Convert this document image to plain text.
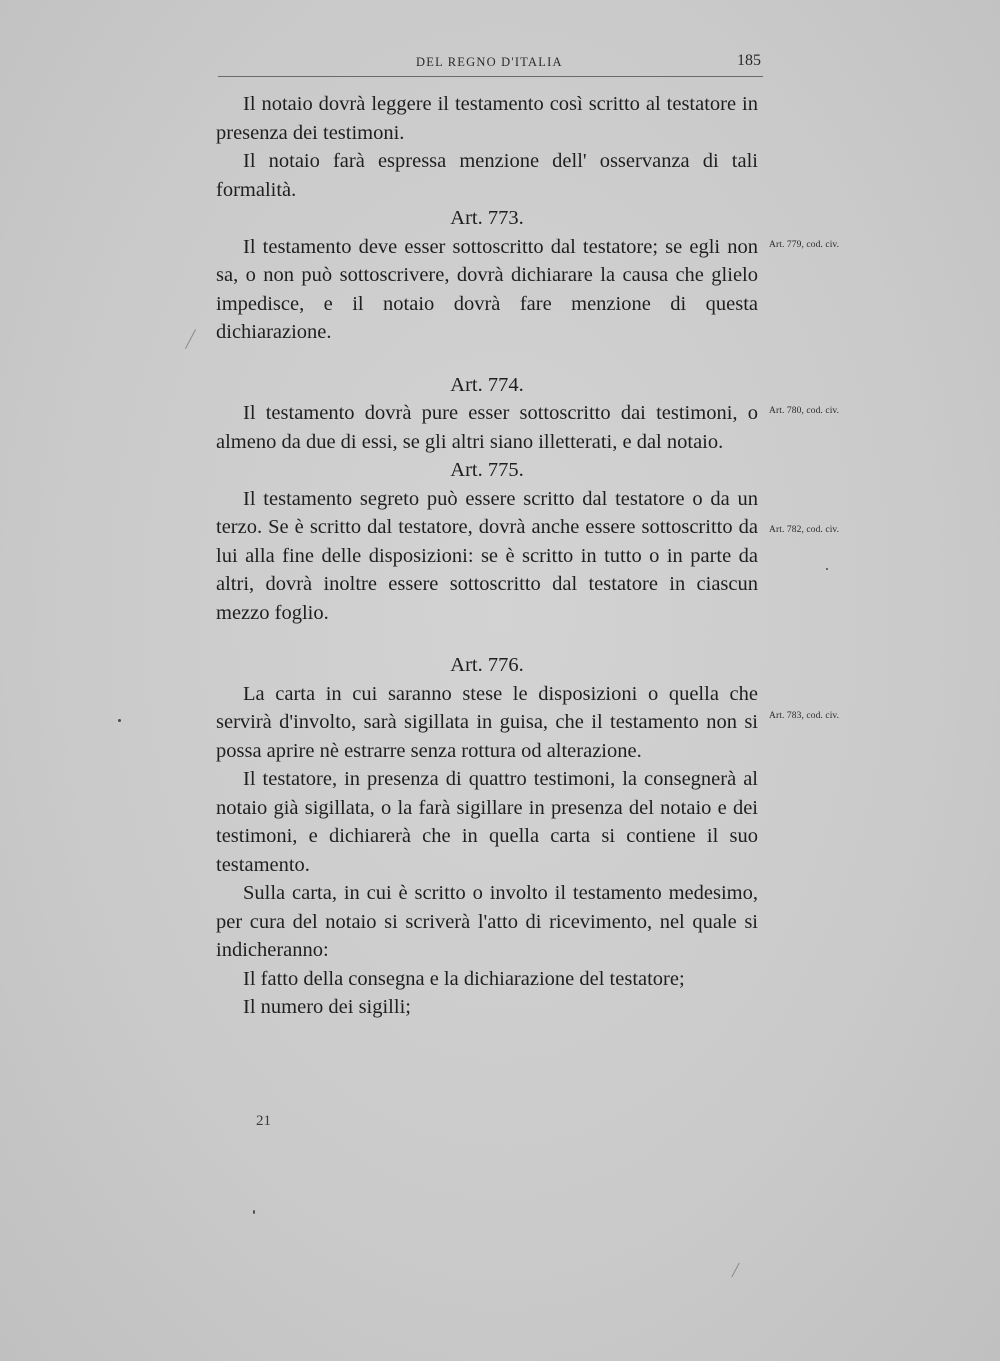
DEL REGNO D'ITALIA	185

Il notaio dovrà leggere il testamento così scritto al testatore in presenza dei testimoni.

Il notaio farà espressa menzione dell' osservanza di tali formalità.

Art. 773.

Il testamento deve esser sottoscritto dal testatore; se egli non sa, o non può sottoscrivere, dovrà dichiarare la causa che glielo impedisce, e il notaio dovrà fare menzione di questa dichiarazione.

Art. 774.

Il testamento dovrà pure esser sottoscritto dai testimoni, o almeno da due di essi, se gli altri siano illetterati, e dal notaio.

Art. 775.

Il testamento segreto può essere scritto dal testatore o da un terzo. Se è scritto dal testatore, dovrà anche essere sottoscritto da lui alla fine delle disposizioni: se è scritto in tutto o in parte da altri, dovrà inoltre essere sottoscritto dal testatore in ciascun mezzo foglio.

Art. 776.

La carta in cui saranno stese le disposizioni o quella che servirà d'involto, sarà sigillata in guisa, che il testamento non si possa aprire nè estrarre senza rottura od alterazione.

Il testatore, in presenza di quattro testimoni, la consegnerà al notaio già sigillata, o la farà sigillare in presenza del notaio e dei testimoni, e dichiarerà che in quella carta si contiene il suo testamento.

Sulla carta, in cui è scritto o involto il testamento medesimo, per cura del notaio si scriverà l'atto di ricevimento, nel quale si indicheranno:

Il fatto della consegna e la dichiarazione del testatore;

Il numero dei sigilli;

Art. 779, cod. civ.
Art. 780, cod. civ.
Art. 782, cod. civ.
Art. 783, cod. civ.
21
